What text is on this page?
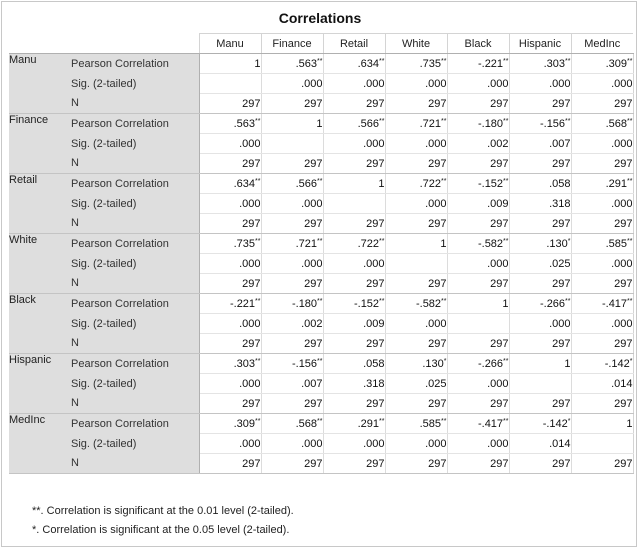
Correlations
		Manu	Finance	Retail	White	Black	Hispanic	MedInc
Manu	Pearson Correlation	1	.563**	.634**	.735**	-.221**	.303**	.309**
	Sig. (2-tailed)		.000	.000	.000	.000	.000	.000
	N	297	297	297	297	297	297	297
Finance	Pearson Correlation	.563**	1	.566**	.721**	-.180**	-.156**	.568**
	Sig. (2-tailed)	.000		.000	.000	.002	.007	.000
	N	297	297	297	297	297	297	297
Retail	Pearson Correlation	.634**	.566**	1	.722**	-.152**	.058	.291**
	Sig. (2-tailed)	.000	.000		.000	.009	.318	.000
	N	297	297	297	297	297	297	297
White	Pearson Correlation	.735**	.721**	.722**	1	-.582**	.130*	.585**
	Sig. (2-tailed)	.000	.000	.000		.000	.025	.000
	N	297	297	297	297	297	297	297
Black	Pearson Correlation	-.221**	-.180**	-.152**	-.582**	1	-.266**	-.417**
	Sig. (2-tailed)	.000	.002	.009	.000		.000	.000
	N	297	297	297	297	297	297	297
Hispanic	Pearson Correlation	.303**	-.156**	.058	.130*	-.266**	1	-.142*
	Sig. (2-tailed)	.000	.007	.318	.025	.000		.014
	N	297	297	297	297	297	297	297
MedInc	Pearson Correlation	.309**	.568**	.291**	.585**	-.417**	-.142*	1
	Sig. (2-tailed)	.000	.000	.000	.000	.000	.014	
	N	297	297	297	297	297	297	297
**. Correlation is significant at the 0.01 level (2-tailed).
*. Correlation is significant at the 0.05 level (2-tailed).
